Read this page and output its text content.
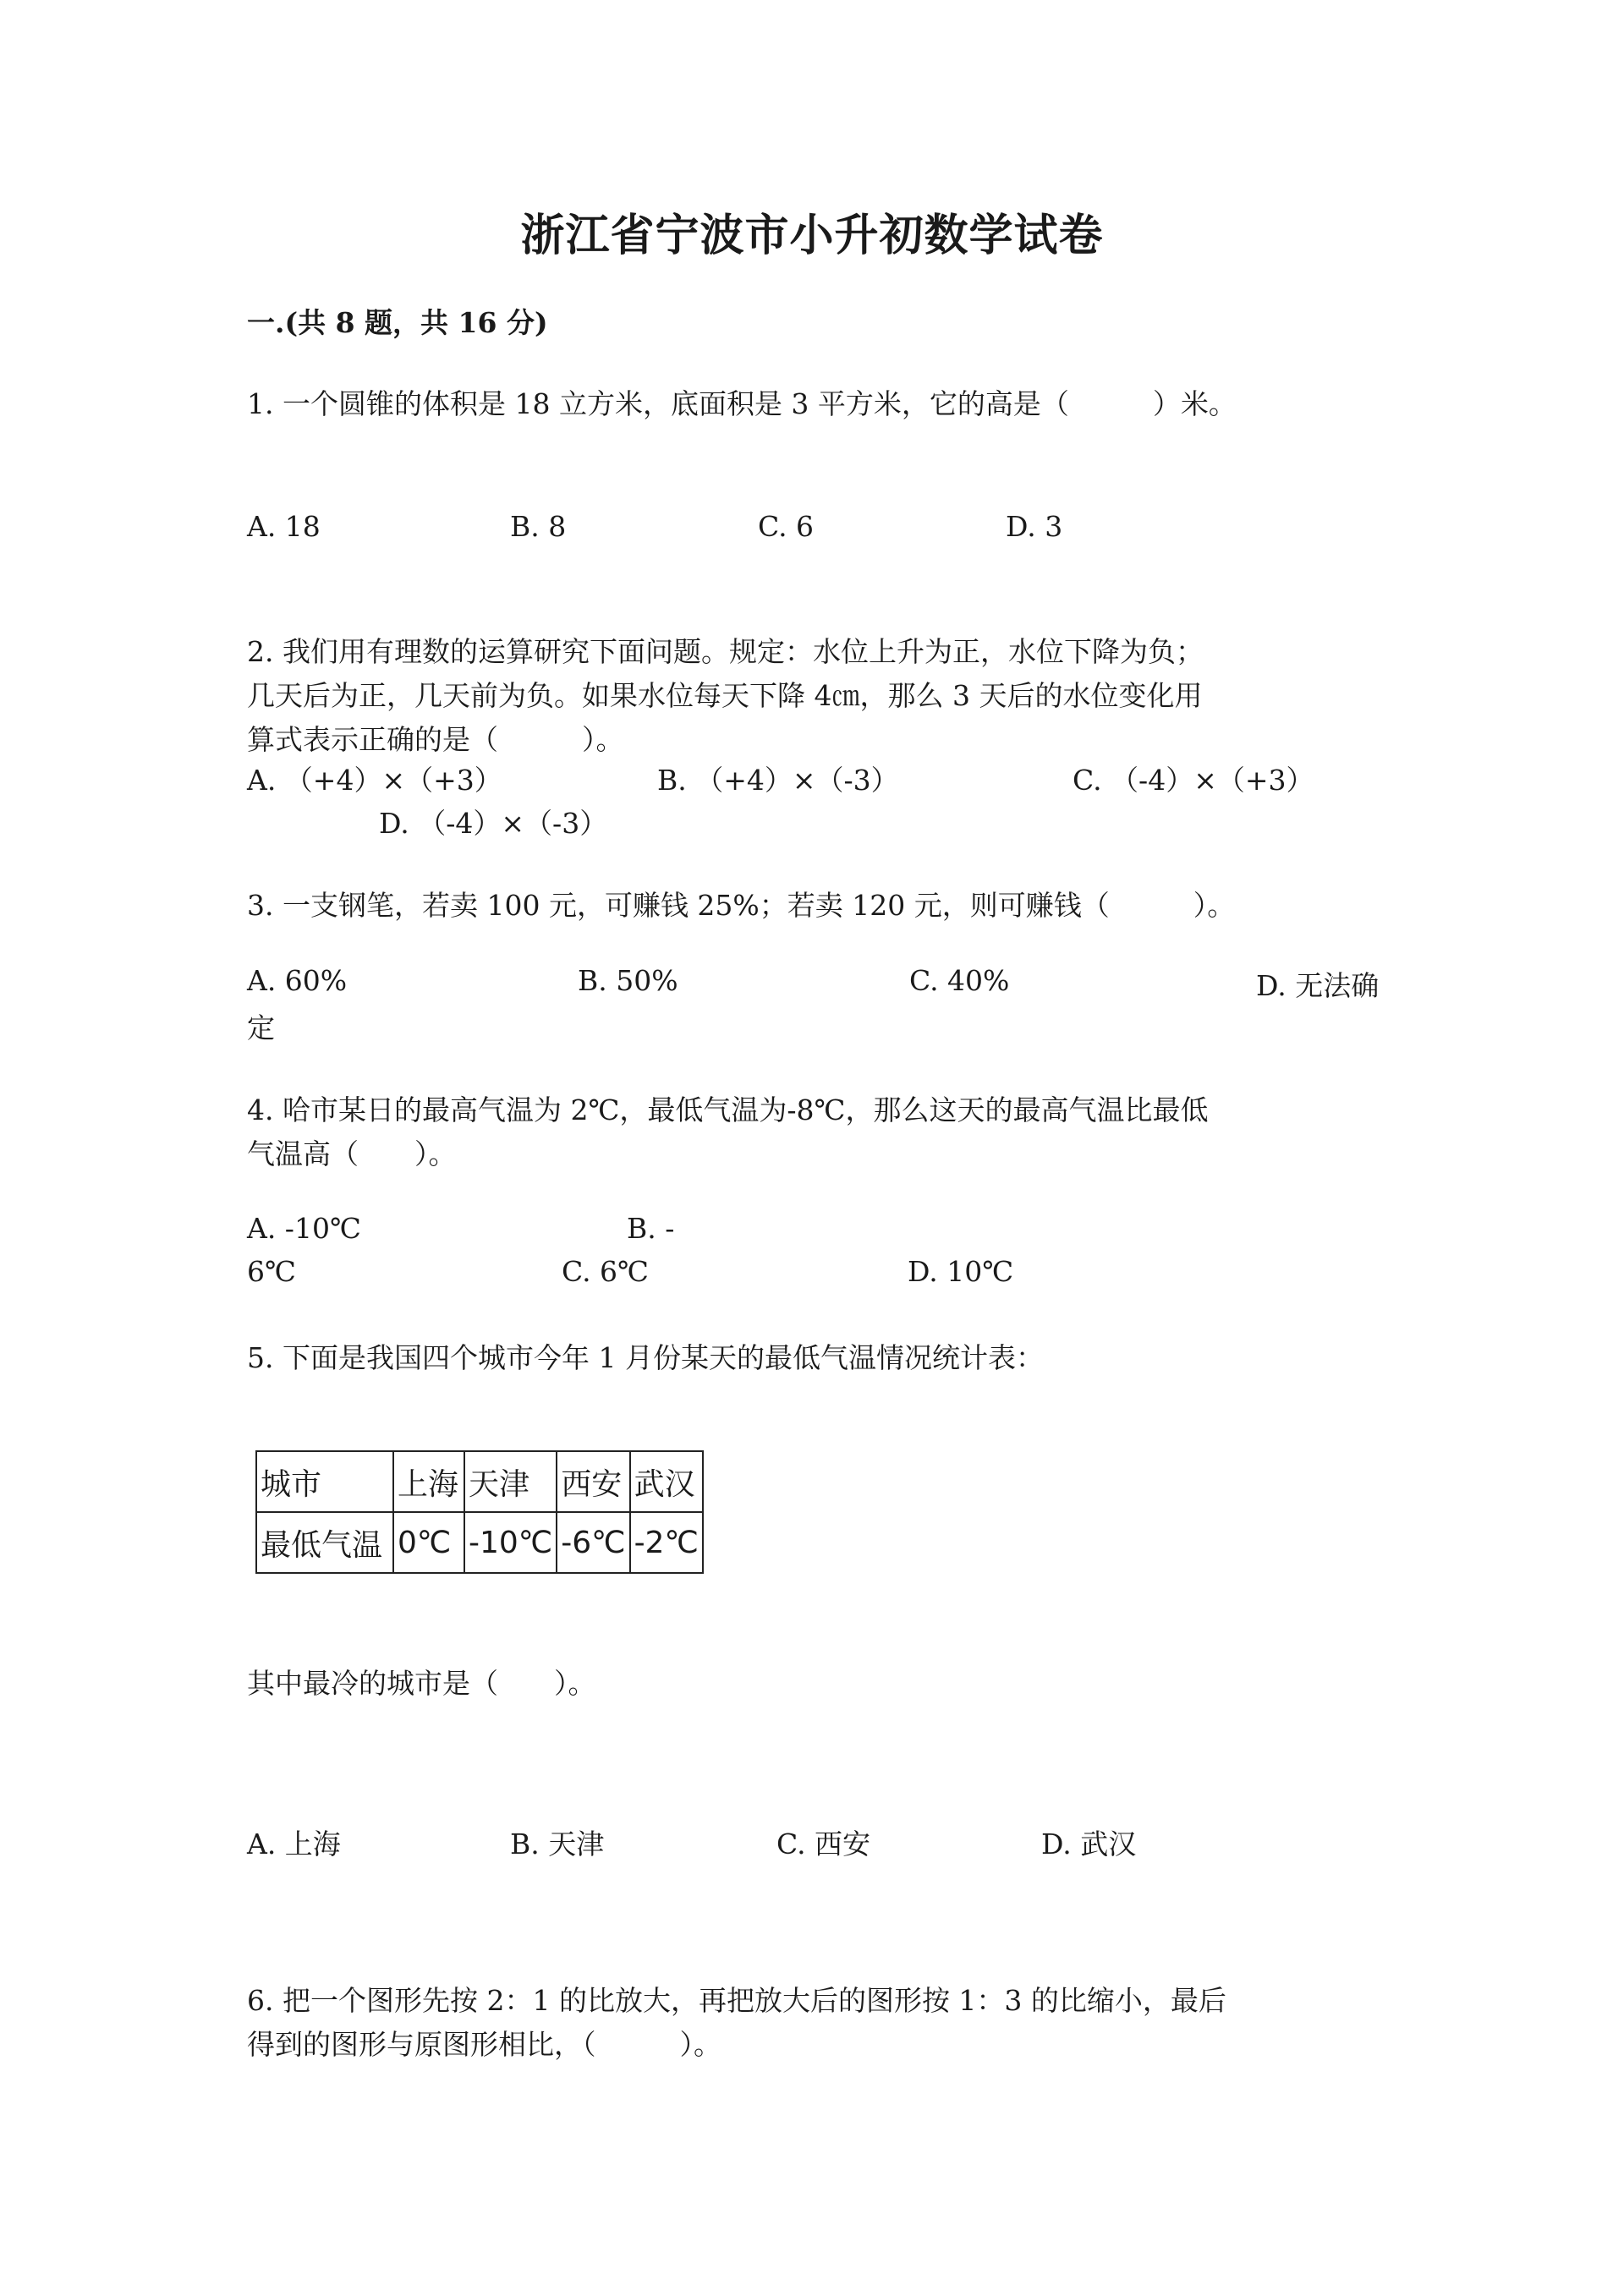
浙江省宁波市小升初数学试卷
一.(共 8 题，共 16 分)
1. 一个圆锥的体积是 18 立方米，底面积是 3 平方米，它的高是（　　　）米。
A. 18	B. 8	C. 6	D. 3
2. 我们用有理数的运算研究下面问题。规定：水位上升为正，水位下降为负；
几天后为正，几天前为负。如果水位每天下降 4㎝，那么 3 天后的水位变化用
算式表示正确的是（　　　）。
A. （+4）×（+3）	B. （+4）×（-3）	C. （-4）×（+3）
D. （-4）×（-3）
3. 一支钢笔，若卖 100 元，可赚钱 25%；若卖 120 元，则可赚钱（　　　）。
A. 60%	B. 50%	C. 40%	D. 无法确
定
4. 哈市某日的最高气温为 2℃，最低气温为-8℃，那么这天的最高气温比最低
气温高（　　）。
A. -10℃	B. -
6℃	C. 6℃	D. 10℃
5. 下面是我国四个城市今年 1 月份某天的最低气温情况统计表：
城市	上海	天津	西安	武汉
最低气温	0℃	-10℃	-6℃	-2℃
其中最冷的城市是（　　）。
A. 上海	B. 天津	C. 西安	D. 武汉
6. 把一个图形先按 2：1 的比放大，再把放大后的图形按 1：3 的比缩小，最后
得到的图形与原图形相比，（　　　）。
